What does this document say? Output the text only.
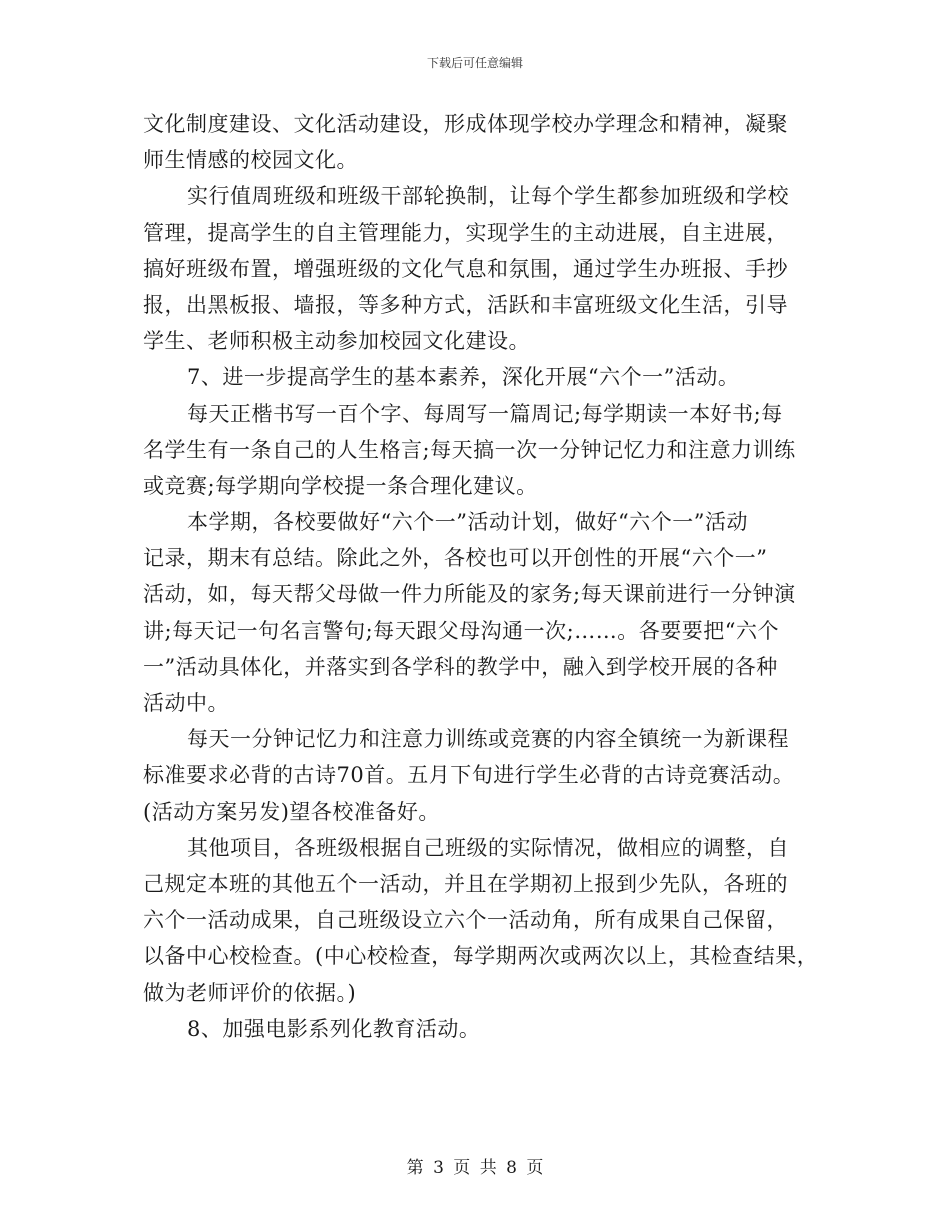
下载后可任意编辑
文化制度建设、文化活动建设，形成体现学校办学理念和精神，凝聚
师生情感的校园文化。
实行值周班级和班级干部轮换制，让每个学生都参加班级和学校
管理，提高学生的自主管理能力，实现学生的主动进展，自主进展，
搞好班级布置，增强班级的文化气息和氛围，通过学生办班报、手抄
报，出黑板报、墙报，等多种方式，活跃和丰富班级文化生活，引导
学生、老师积极主动参加校园文化建设。
7、进一步提高学生的基本素养，深化开展“六个一”活动。
每天正楷书写一百个字、每周写一篇周记;每学期读一本好书;每
名学生有一条自己的人生格言;每天搞一次一分钟记忆力和注意力训练
或竞赛;每学期向学校提一条合理化建议。
本学期，各校要做好“六个一”活动计划，做好“六个一”活动
记录，期末有总结。除此之外，各校也可以开创性的开展“六个一”
活动，如，每天帮父母做一件力所能及的家务;每天课前进行一分钟演
讲;每天记一句名言警句;每天跟父母沟通一次;……。各要要把“六个
一”活动具体化，并落实到各学科的教学中，融入到学校开展的各种
活动中。
每天一分钟记忆力和注意力训练或竞赛的内容全镇统一为新课程
标准要求必背的古诗70首。五月下旬进行学生必背的古诗竞赛活动。
(活动方案另发)望各校准备好。
其他项目，各班级根据自己班级的实际情况，做相应的调整，自
己规定本班的其他五个一活动，并且在学期初上报到少先队，各班的
六个一活动成果，自己班级设立六个一活动角，所有成果自己保留，
以备中心校检查。(中心校检查，每学期两次或两次以上，其检查结果，
做为老师评价的依据。)
8、加强电影系列化教育活动。
第 3 页 共 8 页
